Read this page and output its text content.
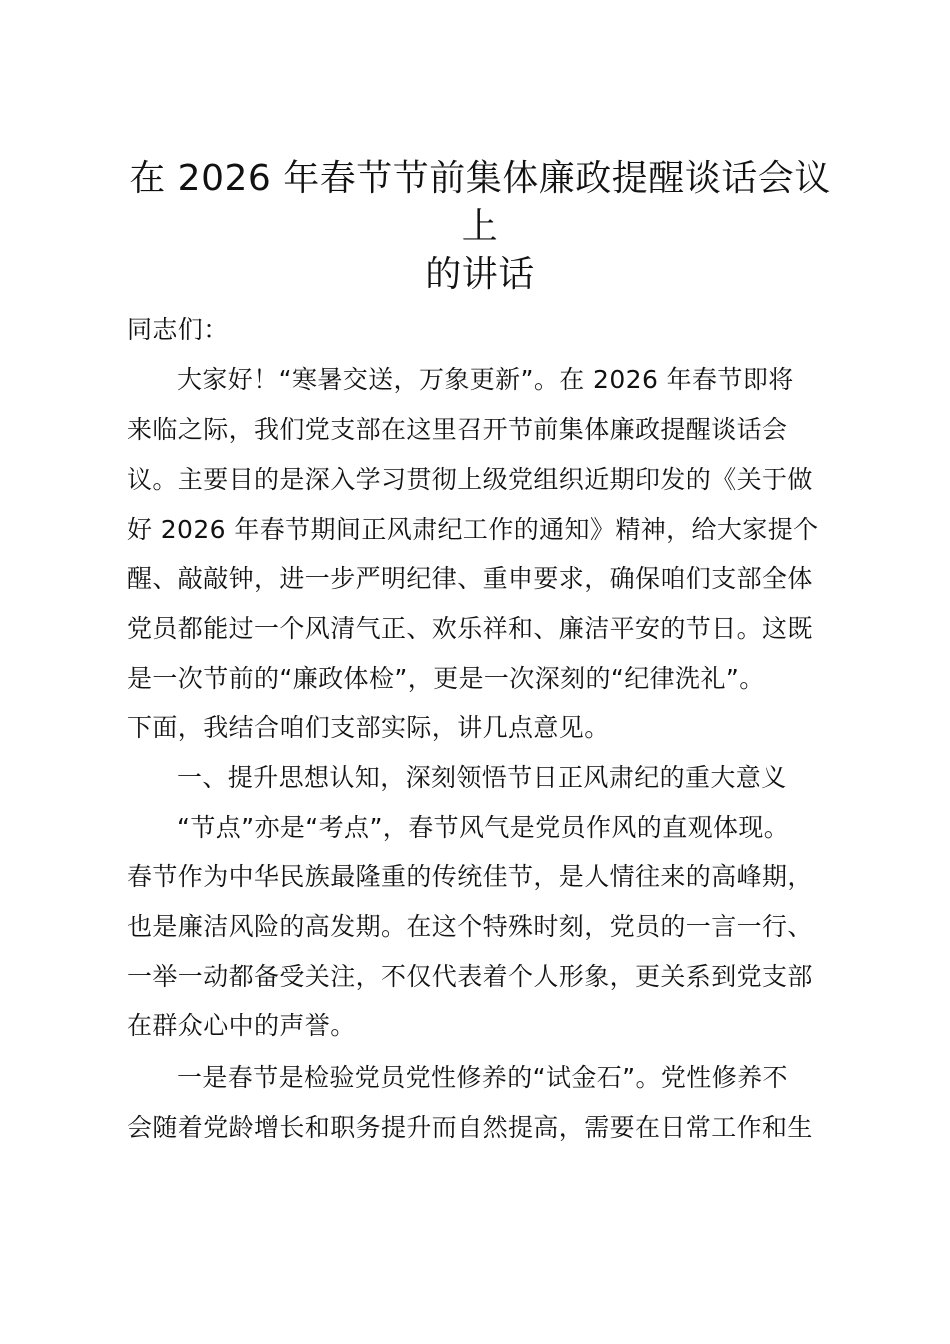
在 2026 年春节节前集体廉政提醒谈话会议上
的讲话
同志们：
大家好！“寒暑交送，万象更新”。在 2026 年春节即将
来临之际，我们党支部在这里召开节前集体廉政提醒谈话会
议。主要目的是深入学习贯彻上级党组织近期印发的《关于做
好 2026 年春节期间正风肃纪工作的通知》精神，给大家提个
醒、敲敲钟，进一步严明纪律、重申要求，确保咱们支部全体
党员都能过一个风清气正、欢乐祥和、廉洁平安的节日。这既
是一次节前的“廉政体检”，更是一次深刻的“纪律洗礼”。
下面，我结合咱们支部实际，讲几点意见。
一、提升思想认知，深刻领悟节日正风肃纪的重大意义
“节点”亦是“考点”，春节风气是党员作风的直观体现。
春节作为中华民族最隆重的传统佳节，是人情往来的高峰期，
也是廉洁风险的高发期。在这个特殊时刻，党员的一言一行、
一举一动都备受关注，不仅代表着个人形象，更关系到党支部
在群众心中的声誉。
一是春节是检验党员党性修养的“试金石”。党性修养不
会随着党龄增长和职务提升而自然提高，需要在日常工作和生
